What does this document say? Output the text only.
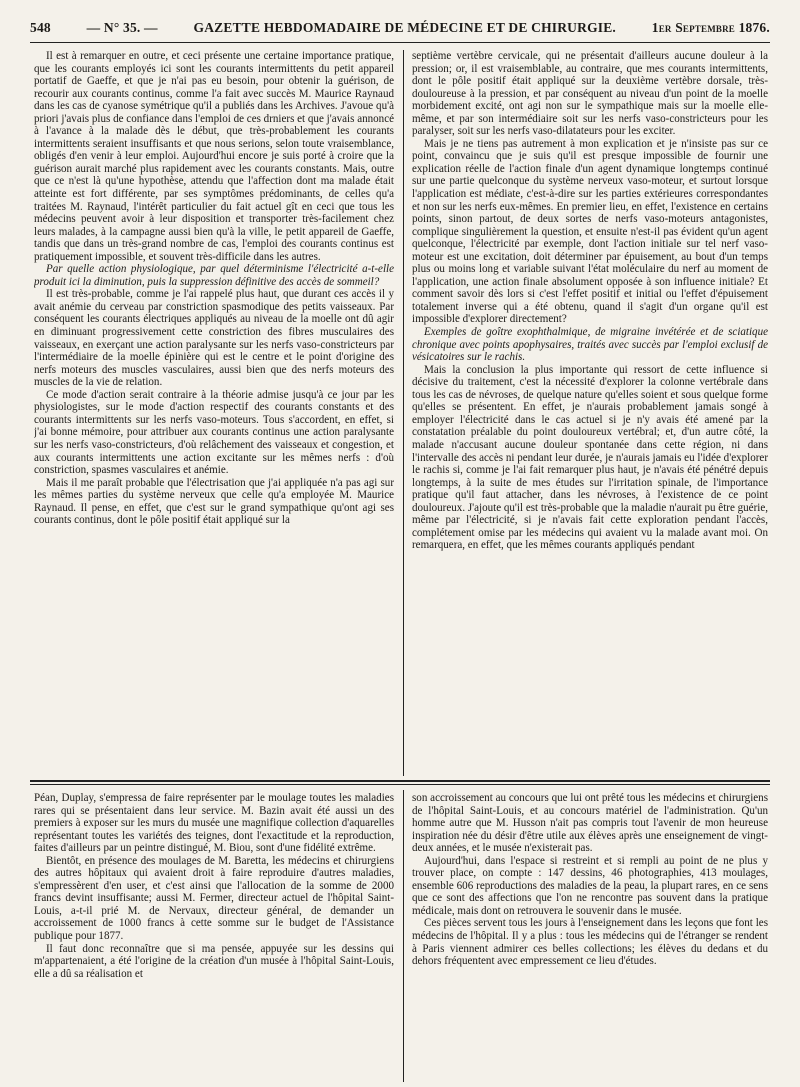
548	— N° 35. —	GAZETTE HEBDOMADAIRE DE MÉDECINE ET DE CHIRURGIE.	1er Septembre 1876.

Il est à remarquer en outre, et ceci présente une certaine importance pratique, que les courants employés ici sont les courants intermittents du petit appareil portatif de Gaeffe, et que je n'ai pas eu besoin, pour obtenir la guérison, de recourir aux courants continus, comme l'a fait avec succès M. Maurice Raynaud dans les cas de cyanose symétrique qu'il a publiés dans les Archives. J'avoue qu'à priori j'avais plus de confiance dans l'emploi de ces drniers et que j'avais annoncé à l'avance à la malade dès le début, que très-probablement les courants intermittents seraient insuffisants et que nous serions, selon toute vraisemblance, obligés d'en venir à leur emploi. Aujourd'hui encore je suis porté à croire que la guérison aurait marché plus rapidement avec les courants constants. Mais, outre que ce n'est là qu'une hypothèse, attendu que l'affection dont ma malade était atteinte est fort différente, par ses symptômes prédominants, de celles qu'a traitées M. Raynaud, l'intérêt particulier du fait actuel gît en ceci que tous les médecins peuvent avoir à leur disposition et transporter très-facilement chez leurs malades, à la campagne aussi bien qu'à la ville, le petit appareil de Gaeffe, tandis que dans un très-grand nombre de cas, l'emploi des courants continus est pratiquement impossible, et souvent très-difficile dans les autres.

Par quelle action physiologique, par quel déterminisme l'électricité a-t-elle produit ici la diminution, puis la suppression définitive des accès de sommeil?

Il est très-probable, comme je l'ai rappelé plus haut, que durant ces accès il y avait anémie du cerveau par constriction spasmodique des petits vaisseaux. Par conséquent les courants électriques appliqués au niveau de la moelle ont dû agir en diminuant progressivement cette constriction des fibres musculaires des vaisseaux, en exerçant une action paralysante sur les nerfs vaso-constricteurs par l'intermédiaire de la moelle épinière qui est le centre et le point d'origine des nerfs moteurs des muscles vasculaires, aussi bien que des nerfs moteurs des muscles de la vie de relation.

Ce mode d'action serait contraire à la théorie admise jusqu'à ce jour par les physiologistes, sur le mode d'action respectif des courants constants et des courants intermittents sur les nerfs vaso-moteurs. Tous s'accordent, en effet, si j'ai bonne mémoire, pour attribuer aux courants continus une action paralysante sur les nerfs vaso-constricteurs, d'où relâchement des vaisseaux et congestion, et aux courants intermittents une action excitante sur les mêmes nerfs : d'où constriction, spasmes vasculaires et anémie.

Mais il me paraît probable que l'électrisation que j'ai appliquée n'a pas agi sur les mêmes parties du système nerveux que celle qu'a employée M. Maurice Raynaud. Il pense, en effet, que c'est sur le grand sympathique qu'ont agi ses courants continus, dont le pôle positif était appliqué sur la

septième vertèbre cervicale, qui ne présentait d'ailleurs aucune douleur à la pression; or, il est vraisemblable, au contraire, que mes courants intermittents, dont le pôle positif était appliqué sur la deuxième vertèbre dorsale, très-douloureuse à la pression, et par conséquent au niveau d'un point de la moelle morbidement excité, ont agi non sur le sympathique mais sur la moelle elle-même, et par son intermédiaire soit sur les nerfs vaso-constricteurs pour les paralyser, soit sur les nerfs vaso-dilatateurs pour les exciter.

Mais je ne tiens pas autrement à mon explication et je n'insiste pas sur ce point, convaincu que je suis qu'il est presque impossible de fournir une explication réelle de l'action finale d'un agent dynamique longtemps continué sur une partie quelconque du système nerveux vaso-moteur, et surtout lorsque l'application est médiate, c'est-à-dire sur les parties extérieures correspondantes et non sur les nerfs eux-mêmes. En premier lieu, en effet, l'existence en certains points, sinon partout, de deux sortes de nerfs vaso-moteurs antagonistes, complique singulièrement la question, et ensuite n'est-il pas évident qu'un agent quelconque, l'électricité par exemple, dont l'action initiale sur tel nerf vaso-moteur est une excitation, doit déterminer par épuisement, au bout d'un temps plus ou moins long et variable suivant l'état moléculaire du nerf au moment de l'application, une action finale absolument opposée à son influence initiale? Et comment savoir dès lors si c'est l'effet positif et initial ou l'effet d'épuisement totalement inverse qui a été obtenu, quand il s'agit d'un organe qu'il est impossible d'explorer directement?

Exemples de goître exophthalmique, de migraine invétérée et de sciatique chronique avec points apophysaires, traités avec succès par l'emploi exclusif de vésicatoires sur le rachis.

Mais la conclusion la plus importante qui ressort de cette influence si décisive du traitement, c'est la nécessité d'explorer la colonne vertébrale dans tous les cas de névroses, de quelque nature qu'elles soient et sous quelque forme qu'elles se présentent. En effet, je n'aurais probablement jamais songé à employer l'électricité dans le cas actuel si je n'y avais été amené par la constatation préalable du point douloureux vertébral; et, d'un autre côté, la malade n'accusant aucune douleur spontanée dans cette région, ni dans l'intervalle des accès ni pendant leur durée, je n'aurais jamais eu l'idée d'explorer le rachis si, comme je l'ai fait remarquer plus haut, je n'avais été pénétré depuis longtemps, à la suite de mes études sur l'irritation spinale, de l'importance pratique qu'il faut attacher, dans les névroses, à l'existence de ce point douloureux. J'ajoute qu'il est très-probable que la maladie n'aurait pu être guérie, même par l'électricité, si je n'avais fait cette exploration pendant l'accès, complétement omise par les médecins qui avaient vu la malade avant moi. On remarquera, en effet, que les mêmes courants appliqués pendant

Péan, Duplay, s'empressa de faire représenter par le moulage toutes les maladies rares qui se présentaient dans leur service. M. Bazin avait été aussi un des premiers à exposer sur les murs du musée une magnifique collection d'aquarelles représentant toutes les variétés des teignes, dont l'exactitude et la reproduction, faites d'ailleurs par un peintre distingué, M. Biou, sont d'une fidélité extrême.

Bientôt, en présence des moulages de M. Baretta, les médecins et chirurgiens des autres hôpitaux qui avaient droit à faire reproduire d'autres maladies, s'empressèrent d'en user, et c'est ainsi que l'allocation de la somme de 2000 francs devint insuffisante; aussi M. Fermer, directeur actuel de l'hôpital Saint-Louis, a-t-il prié M. de Nervaux, directeur général, de demander un accroissement de 1000 francs à cette somme sur le budget de l'Assistance publique pour 1877.

Il faut donc reconnaître que si ma pensée, appuyée sur les dessins qui m'appartenaient, a été l'origine de la création d'un musée à l'hôpital Saint-Louis, elle a dû sa réalisation et

son accroissement au concours que lui ont prêté tous les médecins et chirurgiens de l'hôpital Saint-Louis, et au concours matériel de l'administration. Qu'un homme autre que M. Husson n'ait pas compris tout l'avenir de mon heureuse inspiration née du désir d'être utile aux élèves après une enseignement de vingt-deux années, et le musée n'existerait pas.

Aujourd'hui, dans l'espace si restreint et si rempli au point de ne plus y trouver place, on compte : 147 dessins, 46 photographies, 413 moulages, ensemble 606 reproductions des maladies de la peau, la plupart rares, en ce sens que ce sont des affections que l'on ne rencontre pas souvent dans la pratique médicale, mais dont on retrouvera le souvenir dans le musée.

Ces pièces servent tous les jours à l'enseignement dans les leçons que font les médecins de l'hôpital. Il y a plus : tous les médecins qui de l'étranger se rendent à Paris viennent admirer ces belles collections; les élèves du dedans et du dehors fréquentent avec empressement ce lieu d'études.
